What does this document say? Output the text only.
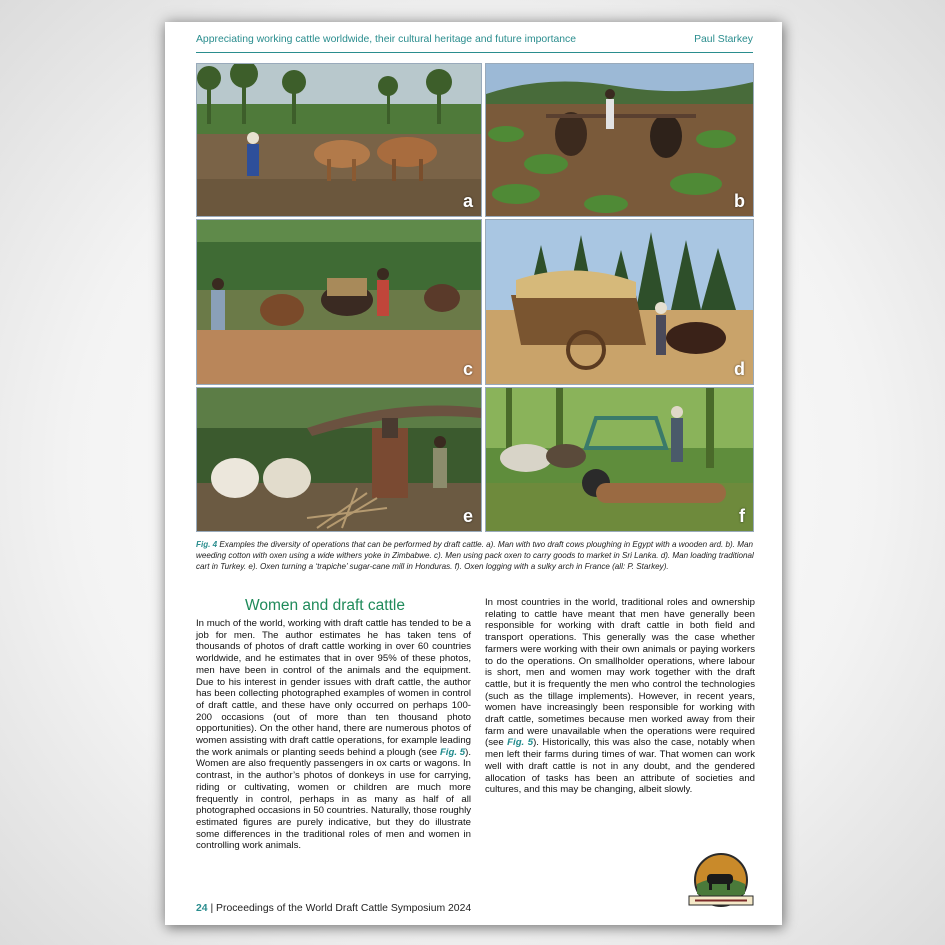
Appreciating working cattle worldwide, their cultural heritage and future importance	Paul Starkey
a	b
c	d
e	f
Fig. 4 Examples the diversity of operations that can be performed by draft cattle. a). Man with two draft cows ploughing in Egypt with a wooden ard. b). Man weeding cotton with oxen using a wide withers yoke in Zimbabwe. c). Men using pack oxen to carry goods to market in Sri Lanka. d). Man loading traditional cart in Turkey. e). Oxen turning a ‘trapiche’ sugar-cane mill in Honduras. f). Oxen logging with a sulky arch in France (all: P. Starkey).
Women and draft cattle
In much of the world, working with draft cattle has tended to be a job for men. The author estimates he has taken tens of thousands of photos of draft cattle working in over 60 countries worldwide, and he estimates that in over 95% of these photos, men have been in control of the animals and the equipment. Due to his interest in gender issues with draft cattle, the author has been collecting photographed examples of women in control of draft cattle, and these have only occurred on perhaps 100-200 occasions (out of more than ten thousand photo opportunities). On the other hand, there are numerous photos of women assisting with draft cattle operations, for example leading the work animals or planting seeds behind a plough (see Fig. 5). Women are also frequently passengers in ox carts or wagons. In contrast, in the author’s photos of donkeys in use for carrying, riding or cultivating, women or children are much more frequently in control, perhaps in as many as half of all photographed occasions in 50 countries. Naturally, those roughly estimated figures are purely indicative, but they do illustrate some differences in the traditional roles of men and women in controlling work animals.
In most countries in the world, traditional roles and ownership relating to cattle have meant that men have generally been responsible for working with draft cattle in both field and transport operations. This generally was the case whether farmers were working with their own animals or paying workers to do the operations. On smallholder operations, where labour is short, men and women may work together with the draft cattle, but it is frequently the men who control the technologies (such as the tillage implements). However, in recent years, women have increasingly been responsible for working with draft cattle, sometimes because men worked away from their farm and were unavailable when the operations were required (see Fig. 5). Historically, this was also the case, notably when men left their farms during times of war. That women can work well with draft cattle is not in any doubt, and the gendered allocation of tasks has been an attribute of societies and cultures, and this may be changing, albeit slowly.
24 | Proceedings of the World Draft Cattle Symposium 2024
